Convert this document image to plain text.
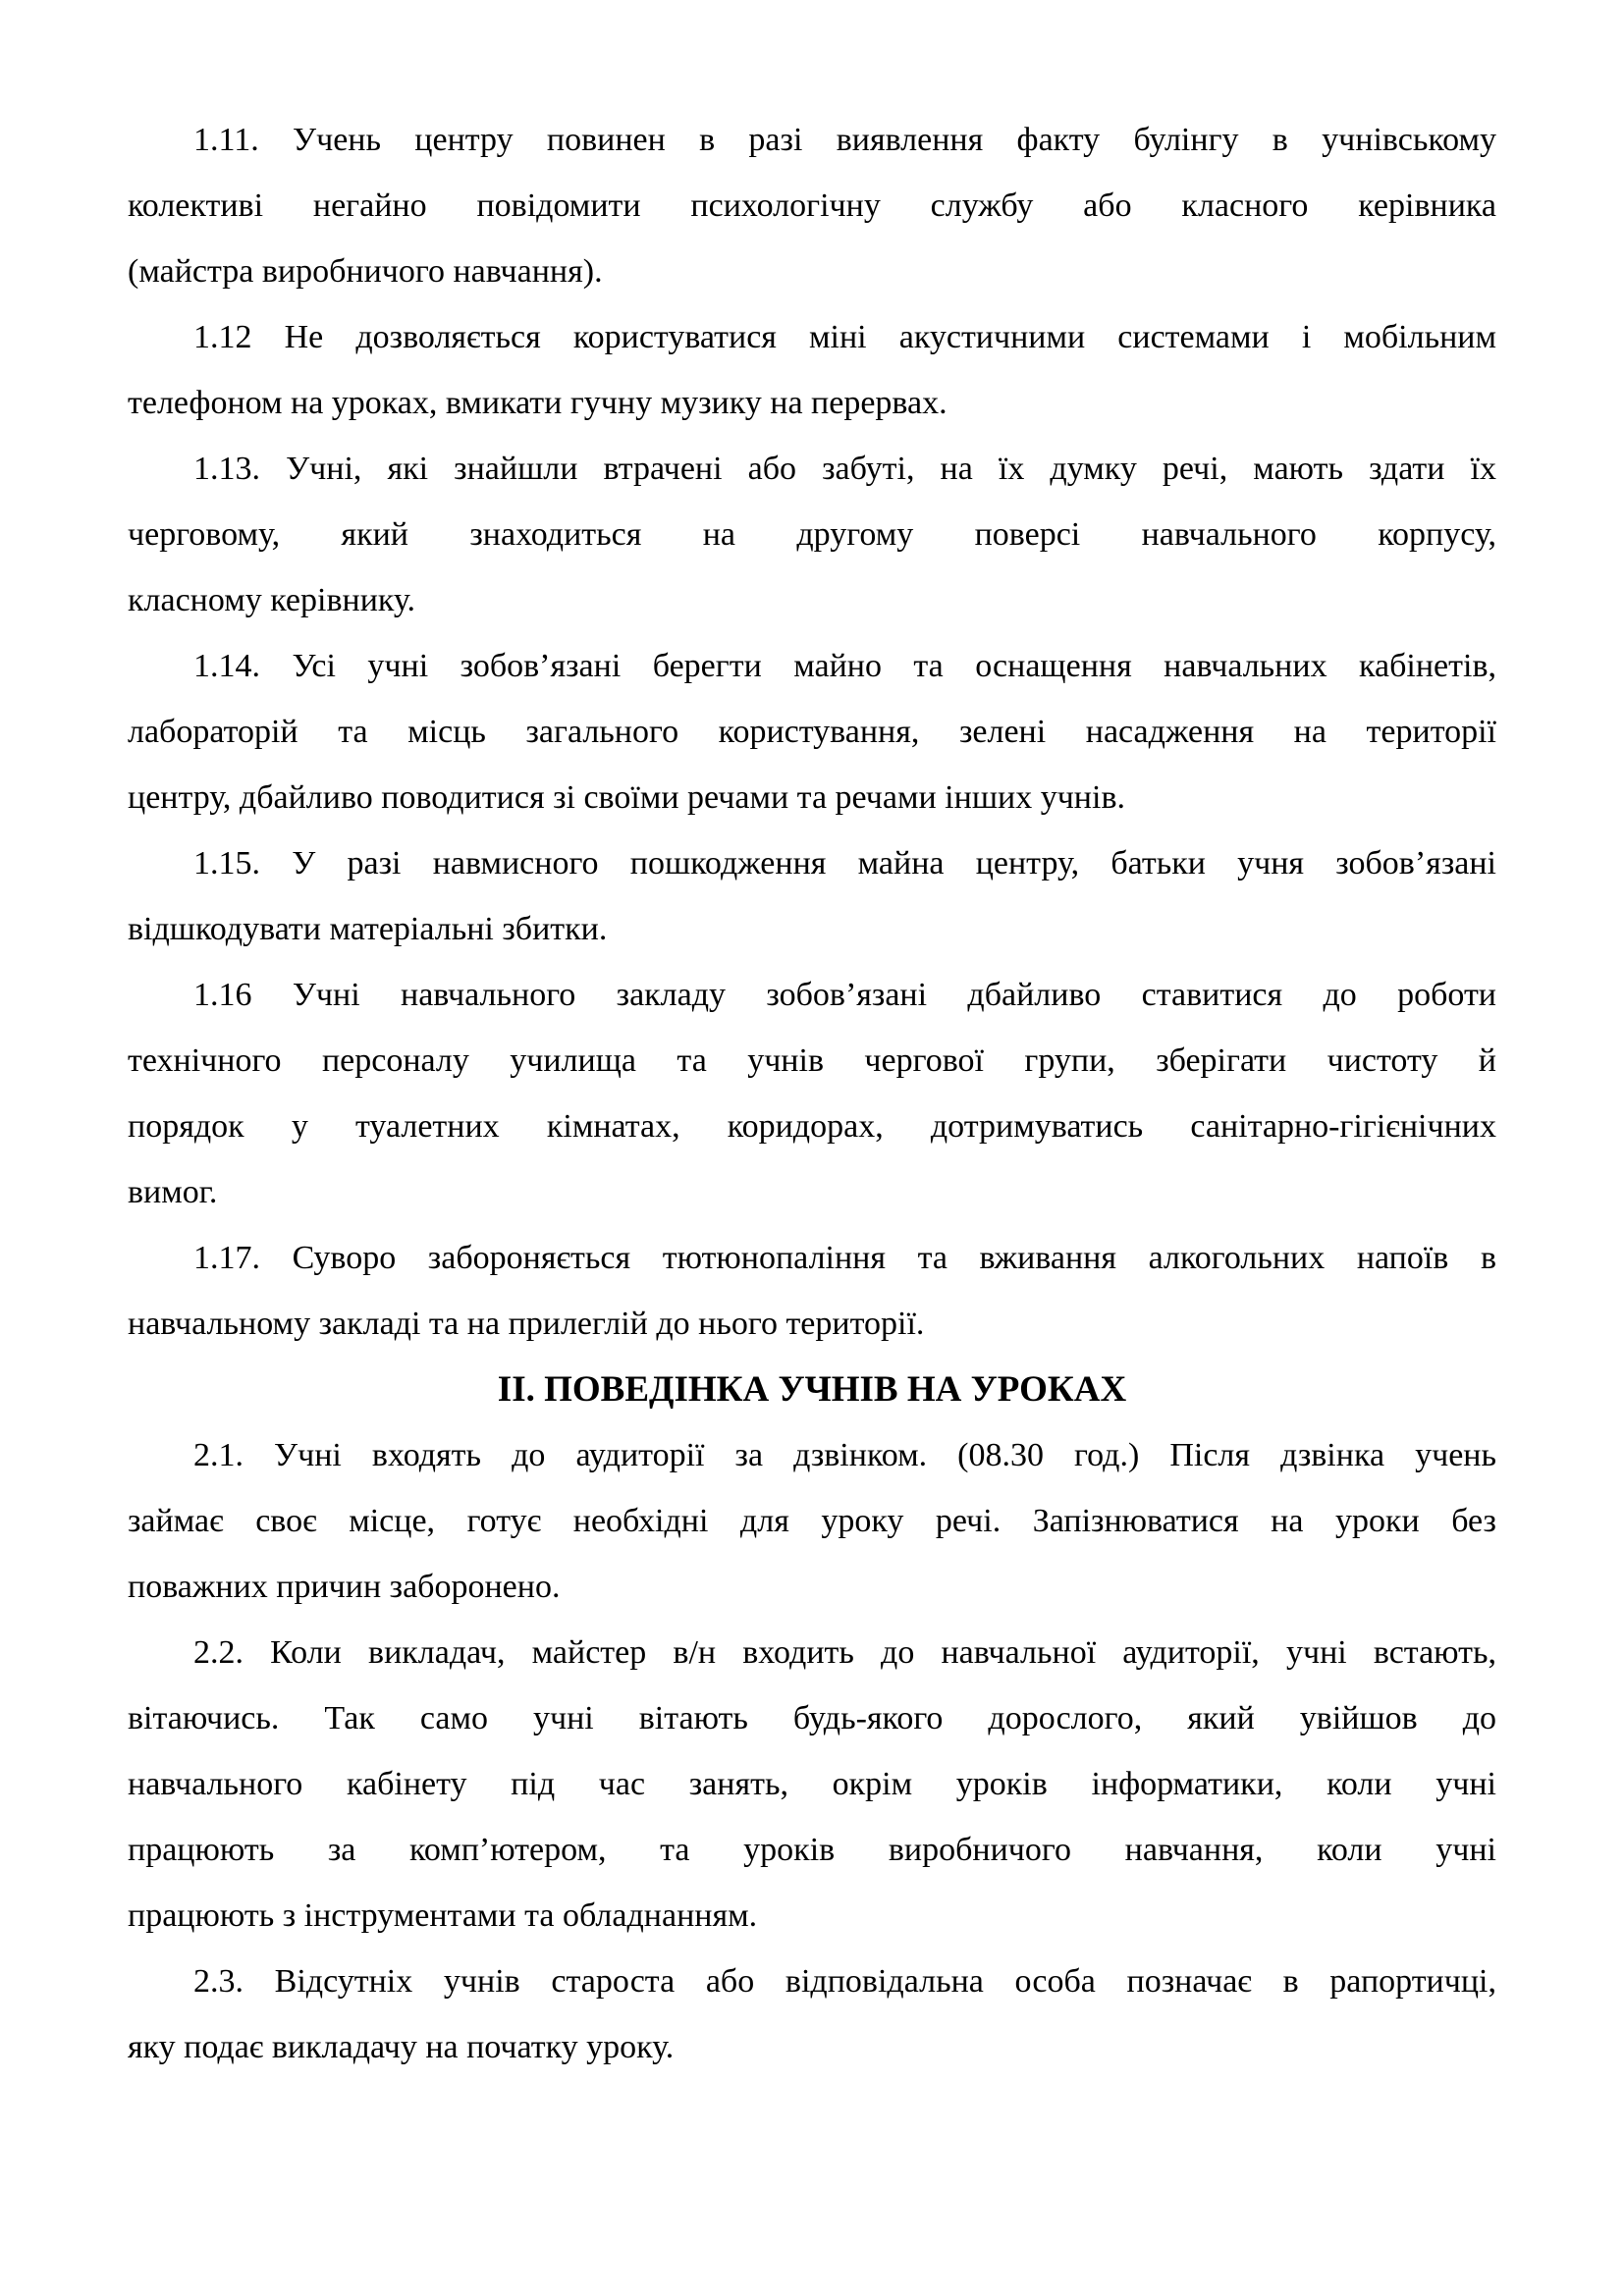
1.11. Учень центру повинен в разі виявлення факту булінгу в учнівському
колективі негайно повідомити психологічну службу або класного керівника
(майстра виробничого навчання).
1.12 Не дозволяється користуватися міні акустичними системами і мобільним
телефоном на уроках, вмикати гучну музику на перервах.
1.13. Учні, які знайшли втрачені або забуті, на їх думку речі, мають здати їх
черговому, який знаходиться на другому поверсі навчального корпусу,
класному керівнику.
1.14. Усі учні зобов’язані берегти майно та оснащення навчальних кабінетів,
лабораторій та місць загального користування, зелені насадження на території
центру, дбайливо поводитися зі своїми речами та речами інших учнів.
1.15. У разі навмисного пошкодження майна центру, батьки учня зобов’язані
відшкодувати матеріальні збитки.
1.16 Учні навчального закладу зобов’язані дбайливо ставитися до роботи
технічного персоналу училища та учнів чергової групи, зберігати чистоту й
порядок у туалетних кімнатах, коридорах, дотримуватись санітарно-гігієнічних
вимог.
1.17. Суворо забороняється тютюнопаління та вживання алкогольних напоїв в
навчальному закладі та на прилеглій до нього території.
ІІ. ПОВЕДІНКА УЧНІВ НА УРОКАХ
2.1. Учні входять до аудиторії за дзвінком. (08.30 год.) Після дзвінка учень
займає своє місце, готує необхідні для уроку речі. Запізнюватися на уроки без
поважних причин заборонено.
2.2. Коли викладач, майстер в/н входить до навчальної аудиторії, учні встають,
вітаючись. Так само учні вітають будь-якого дорослого, який увійшов до
навчального кабінету під час занять, окрім уроків інформатики, коли учні
працюють за комп’ютером, та уроків виробничого навчання, коли учні
працюють з інструментами та обладнанням.
2.3. Відсутніх учнів староста або відповідальна особа позначає в рапортичці,
яку подає викладачу на початку уроку.
